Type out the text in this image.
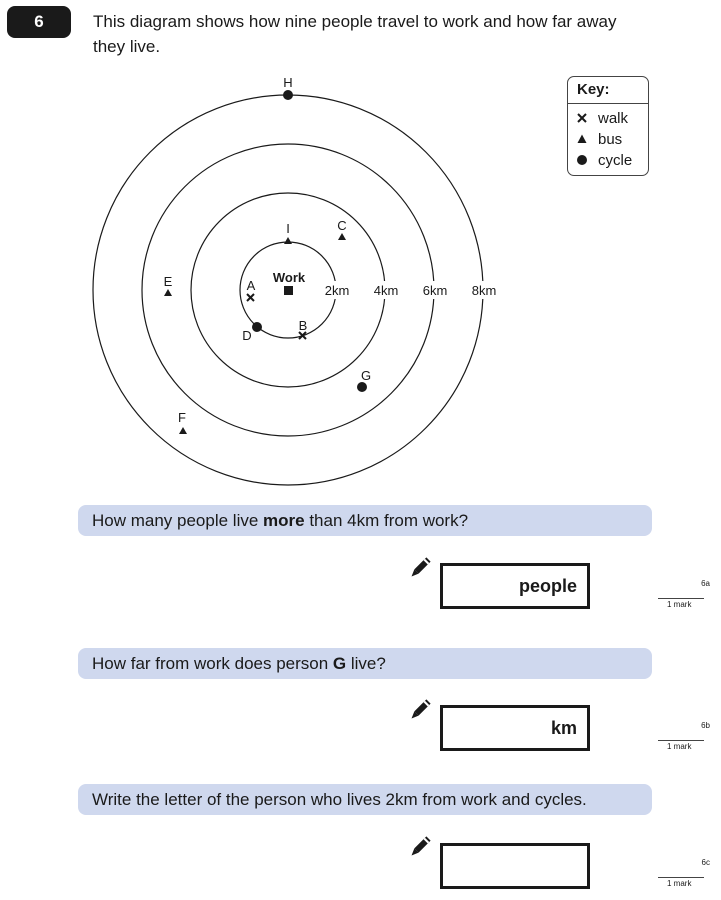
6	This diagram shows how nine people travel to work and how far away they live.

2km 4km 6km 8km
Work
H
I	C
E	A
D
B
G
F
Key:
walk
bus
cycle
How many people live more than 4km from work?
people	6a
1 mark
How far from work does person G live?
km	6b
1 mark
Write the letter of the person who lives 2km from work and cycles.
6c
1 mark
